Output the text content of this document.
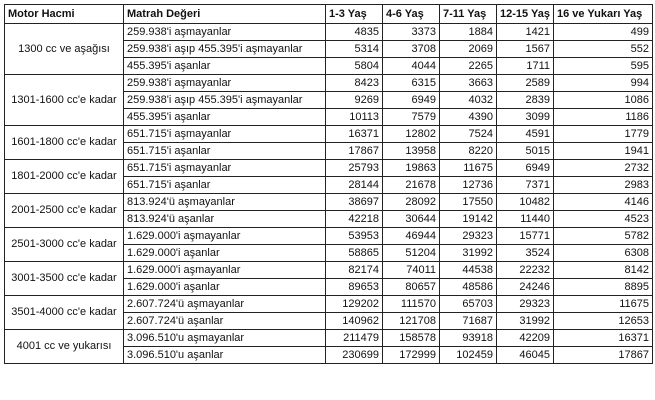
Motor Hacmi	Matrah Değeri	1-3 Yaş	4-6 Yaş	7-11 Yaş	12-15 Yaş	16 ve Yukarı Yaş
1300 cc ve aşağısı	259.938'i aşmayanlar	4835	3373	1884	1421	499
	259.938'i aşıp 455.395'i aşmayanlar	5314	3708	2069	1567	552
	455.395'i aşanlar	5804	4044	2265	1711	595
1301-1600 cc'e kadar	259.938'i aşmayanlar	8423	6315	3663	2589	994
	259.938'i aşıp 455.395'i aşmayanlar	9269	6949	4032	2839	1086
	455.395'i aşanlar	10113	7579	4390	3099	1186
1601-1800 cc'e kadar	651.715'i aşmayanlar	16371	12802	7524	4591	1779
	651.715'i aşanlar	17867	13958	8220	5015	1941
1801-2000 cc'e kadar	651.715'i aşmayanlar	25793	19863	11675	6949	2732
	651.715'i aşanlar	28144	21678	12736	7371	2983
2001-2500 cc'e kadar	813.924'ü aşmayanlar	38697	28092	17550	10482	4146
	813.924'ü aşanlar	42218	30644	19142	11440	4523
2501-3000 cc'e kadar	1.629.000'i aşmayanlar	53953	46944	29323	15771	5782
	1.629.000'i aşanlar	58865	51204	31992	3524	6308
3001-3500 cc'e kadar	1.629.000'i aşmayanlar	82174	74011	44538	22232	8142
	1.629.000'i aşanlar	89653	80657	48586	24246	8895
3501-4000 cc'e kadar	2.607.724'ü aşmayanlar	129202	111570	65703	29323	11675
	2.607.724'ü aşanlar	140962	121708	71687	31992	12653
4001 cc ve yukarısı	3.096.510'u aşmayanlar	211479	158578	93918	42209	16371
	3.096.510'u aşanlar	230699	172999	102459	46045	17867
